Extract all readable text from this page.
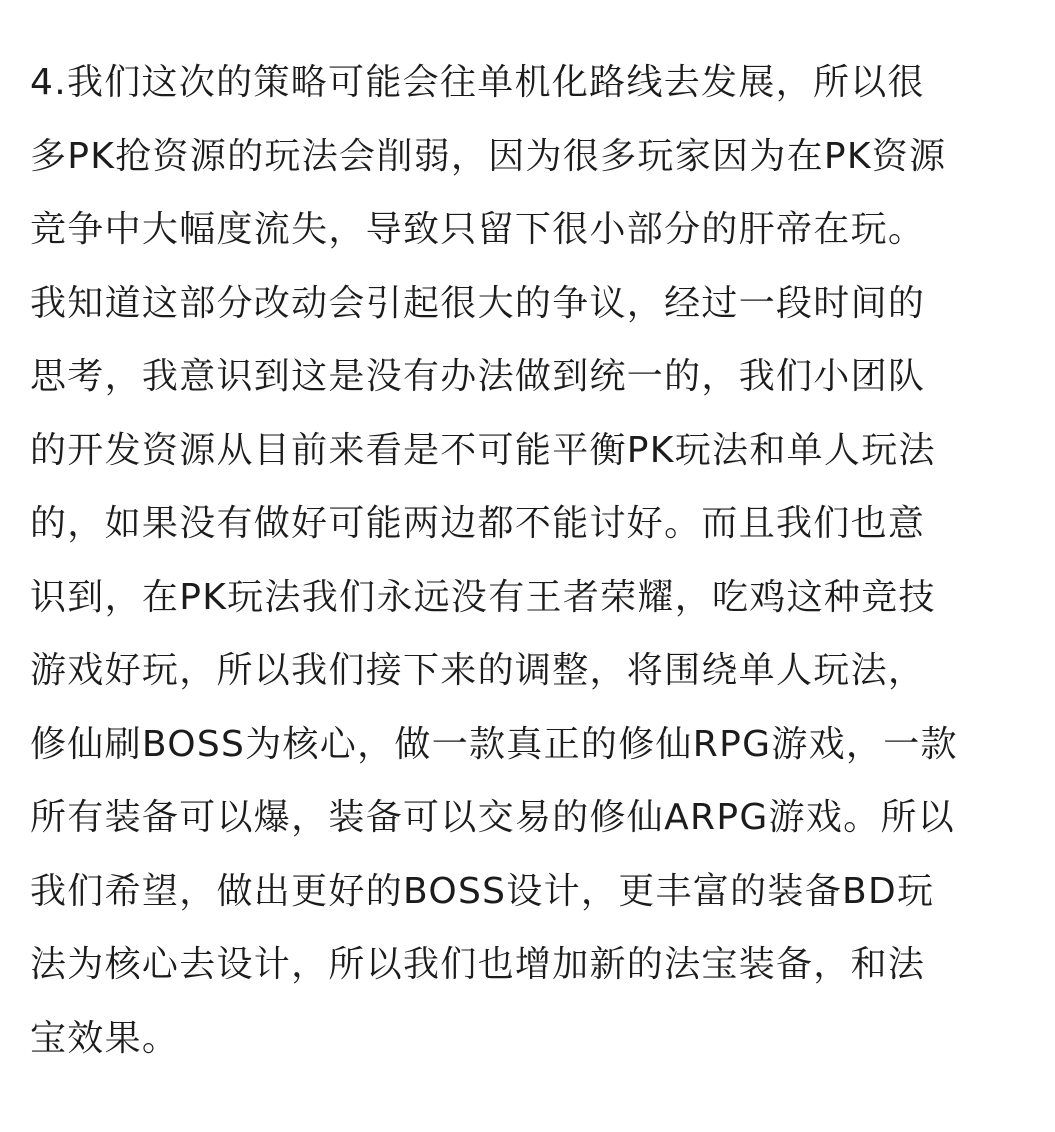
4.我们这次的策略可能会往单机化路线去发展，所以很
多PK抢资源的玩法会削弱，因为很多玩家因为在PK资源
竞争中大幅度流失，导致只留下很小部分的肝帝在玩。
我知道这部分改动会引起很大的争议，经过一段时间的
思考，我意识到这是没有办法做到统一的，我们小团队
的开发资源从目前来看是不可能平衡PK玩法和单人玩法
的，如果没有做好可能两边都不能讨好。而且我们也意
识到，在PK玩法我们永远没有王者荣耀，吃鸡这种竞技
游戏好玩，所以我们接下来的调整，将围绕单人玩法，
修仙刷BOSS为核心，做一款真正的修仙RPG游戏，一款
所有装备可以爆，装备可以交易的修仙ARPG游戏。所以
我们希望，做出更好的BOSS设计，更丰富的装备BD玩
法为核心去设计，所以我们也增加新的法宝装备，和法
宝效果。
